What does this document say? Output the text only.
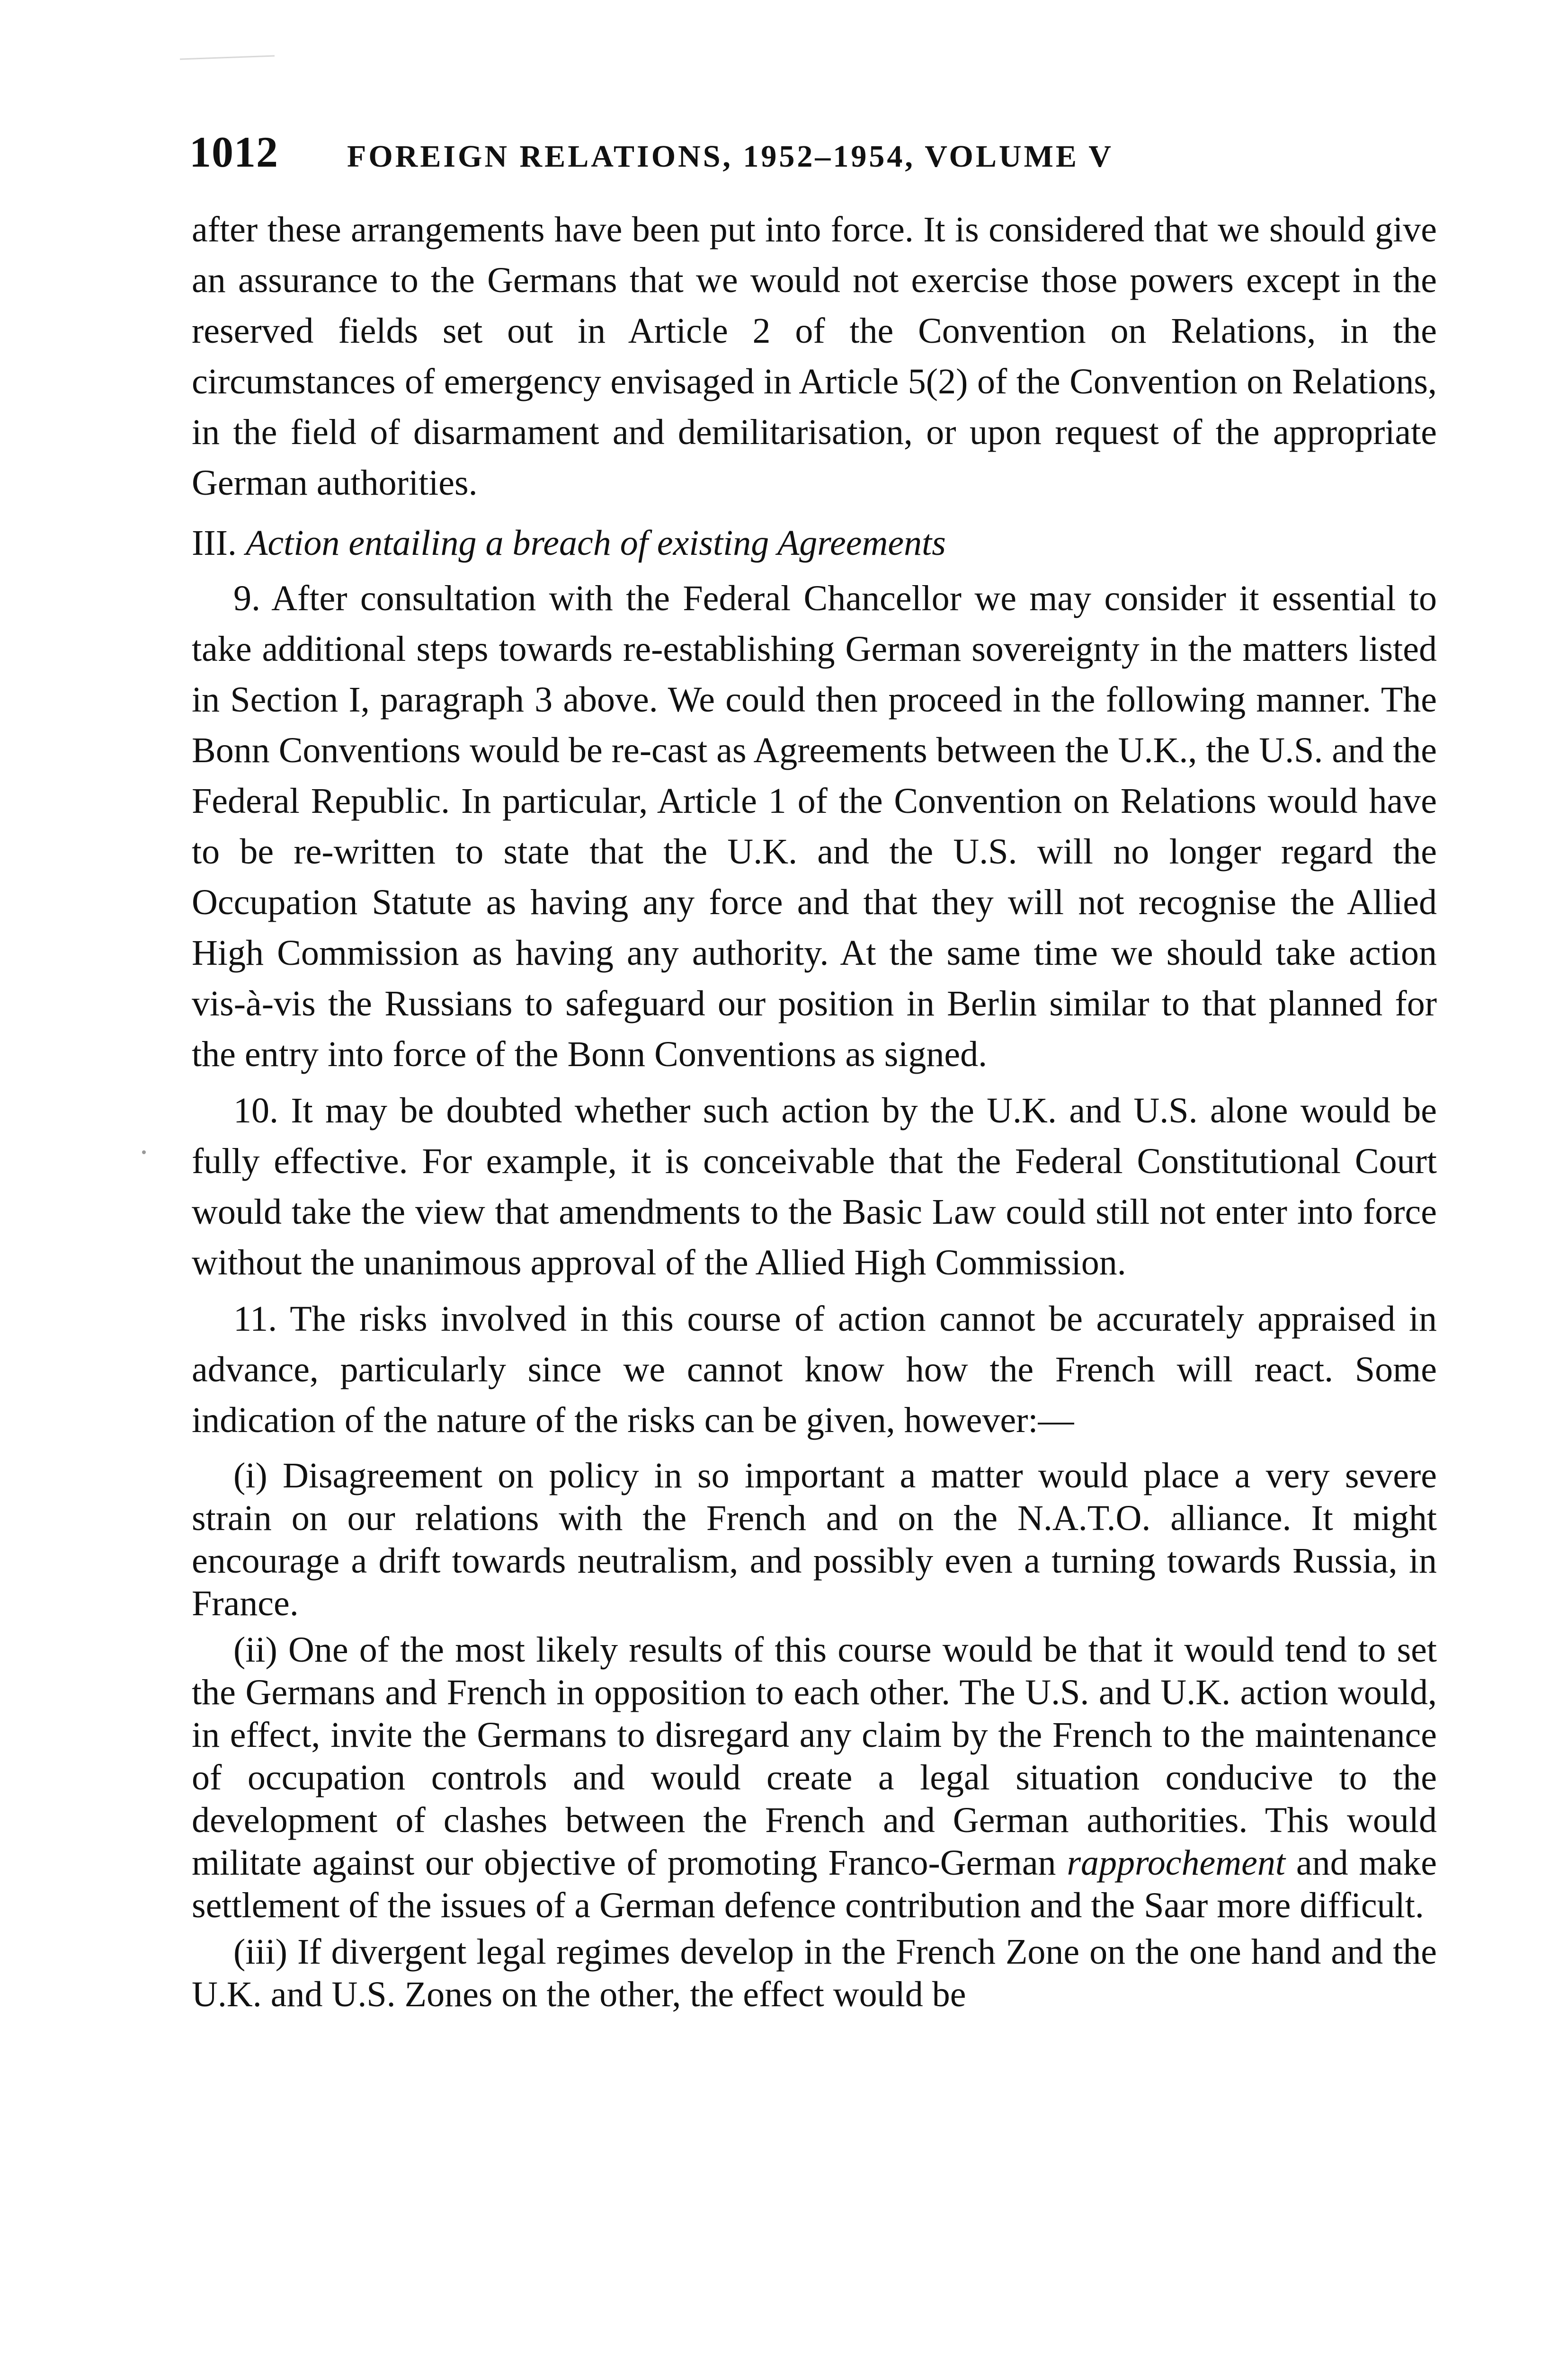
1012 FOREIGN RELATIONS, 1952–1954, VOLUME V

after these arrangements have been put into force. It is considered that we should give an assurance to the Germans that we would not exercise those powers except in the reserved fields set out in Article 2 of the Convention on Relations, in the circumstances of emergency envisaged in Article 5(2) of the Convention on Relations, in the field of disarmament and demilitarisation, or upon request of the appropriate German authorities.

III. Action entailing a breach of existing Agreements

9. After consultation with the Federal Chancellor we may consider it essential to take additional steps towards re-establishing German sovereignty in the matters listed in Section I, paragraph 3 above. We could then proceed in the following manner. The Bonn Conventions would be re-cast as Agreements between the U.K., the U.S. and the Federal Republic. In particular, Article 1 of the Convention on Relations would have to be re-written to state that the U.K. and the U.S. will no longer regard the Occupation Statute as having any force and that they will not recognise the Allied High Commission as having any authority. At the same time we should take action vis-à-vis the Russians to safeguard our position in Berlin similar to that planned for the entry into force of the Bonn Conventions as signed.

10. It may be doubted whether such action by the U.K. and U.S. alone would be fully effective. For example, it is conceivable that the Federal Constitutional Court would take the view that amendments to the Basic Law could still not enter into force without the unanimous approval of the Allied High Commission.

11. The risks involved in this course of action cannot be accurately appraised in advance, particularly since we cannot know how the French will react. Some indication of the nature of the risks can be given, however:—

(i) Disagreement on policy in so important a matter would place a very severe strain on our relations with the French and on the N.A.T.O. alliance. It might encourage a drift towards neutralism, and possibly even a turning towards Russia, in France.

(ii) One of the most likely results of this course would be that it would tend to set the Germans and French in opposition to each other. The U.S. and U.K. action would, in effect, invite the Germans to disregard any claim by the French to the maintenance of occupation controls and would create a legal situation conducive to the development of clashes between the French and German authorities. This would militate against our objective of promoting Franco-German rapprochement and make settlement of the issues of a German defence contribution and the Saar more difficult.

(iii) If divergent legal regimes develop in the French Zone on the one hand and the U.K. and U.S. Zones on the other, the effect would be
